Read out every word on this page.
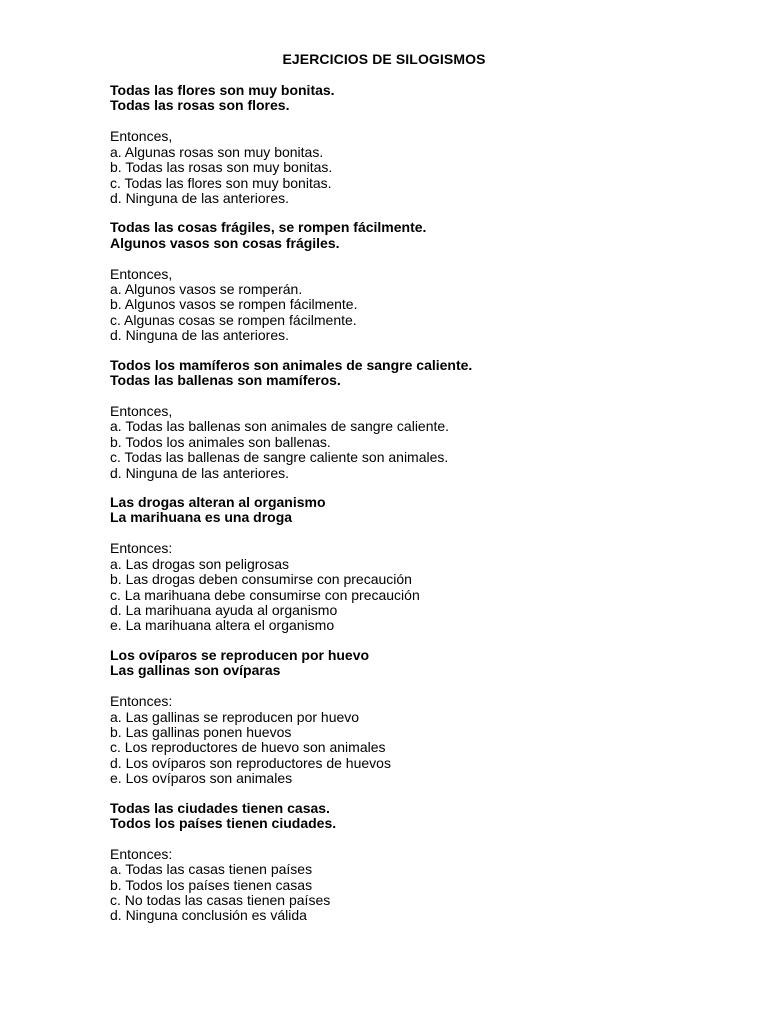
EJERCICIOS DE SILOGISMOS
Todas las flores son muy bonitas.
Todas las rosas son flores.
Entonces,
a. Algunas rosas son muy bonitas.
b. Todas las rosas son muy bonitas.
c. Todas las flores son muy bonitas.
d. Ninguna de las anteriores.
Todas las cosas frágiles, se rompen fácilmente.
Algunos vasos son cosas frágiles.
Entonces,
a. Algunos vasos se romperán.
b. Algunos vasos se rompen fácilmente.
c. Algunas cosas se rompen fácilmente.
d. Ninguna de las anteriores.
Todos los mamíferos son animales de sangre caliente.
Todas las ballenas son mamíferos.
Entonces,
a. Todas las ballenas son animales de sangre caliente.
b. Todos los animales son ballenas.
c. Todas las ballenas de sangre caliente son animales.
d. Ninguna de las anteriores.
Las drogas alteran al organismo
La marihuana es una droga
Entonces:
a. Las drogas son peligrosas
b. Las drogas deben consumirse con precaución
c. La marihuana debe consumirse con precaución
d. La marihuana ayuda al organismo
e. La marihuana altera el organismo
Los ovíparos se reproducen por huevo
Las gallinas son ovíparas
Entonces:
a. Las gallinas se reproducen por huevo
b. Las gallinas ponen huevos
c. Los reproductores de huevo son animales
d. Los ovíparos son reproductores de huevos
e. Los ovíparos son animales
Todas las ciudades tienen casas.
Todos los países tienen ciudades.
Entonces:
a. Todas las casas tienen países
b. Todos los países tienen casas
c. No todas las casas tienen países
d. Ninguna conclusión es válida
